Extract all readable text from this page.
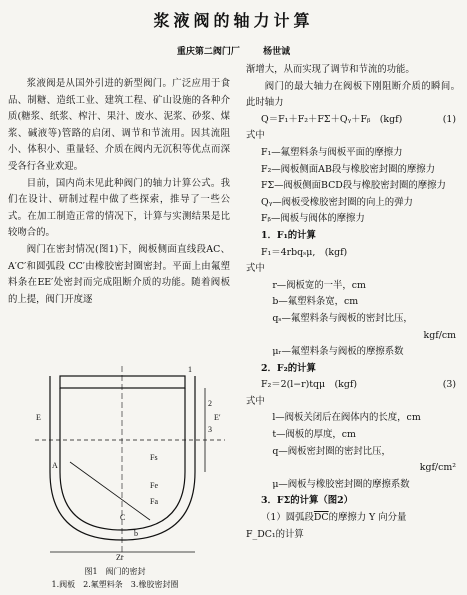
浆液阀的轴力计算
重庆第二阀门厂	杨世诚

浆液阀是从国外引进的新型阀门。广泛应用于食品、制糖、造纸工业、建筑工程、矿山设施的各种介质(糖浆、纸浆、榨汁、果汁、废水、泥浆、砂浆、煤浆、碱液等)管路的启闭、调节和节流用。因其流阻小、体积小、重量轻、介质在阀内无沉积等优点而深受各行各业欢迎。

目前，国内尚未见此种阀门的轴力计算公式。我们在设计、研制过程中做了些探索，推导了一些公式。在加工制造正常的情况下，计算与实测结果是比较吻合的。

阀门在密封情况(图1)下，阀板侧面直线段AC、A′C′和圆弧段 CC′由橡胶密封圈密封。平面上由氟塑料条在EE′处密封而完成阻断介质的功能。随着阀板的上提，阀门开度逐

E	E′
A
C
Fe
Fa
Fs
b
Zr
1
2
3
图1　阀门的密封
1.阀板　2.氟塑料条　3.橡胶密封圈
渐增大，从而实现了调节和节流的功能。

阀门的最大轴力在阀板下刚阻断介质的瞬间。此时轴力

Q＝F₁＋F₂＋FΣ＋Qᵧ＋Fᵦ　(kgf)	(1)
式中
F₁—氟塑料条与阀板平面的摩擦力
F₂—阀板侧面AB段与橡胶密封圈的摩擦力
FΣ—阀板侧面BCD段与橡胶密封圈的摩擦力
Qᵧ—阀板受橡胶密封圈的向上的弹力
Fᵦ—阀板与阀体的摩擦力
1．F₁的计算
F₁＝4rbqₛμ,　(kgf)
式中
r—阀板宽的一半，cm
b—氟塑料条宽，cm
qₛ—氟塑料条与阀板的密封比压，
kgf/cm
μᵣ—氟塑料条与阀板的摩擦系数
2．F₂的计算
F₂＝2(l−r)tqμ　(kgf)	(3)
式中
l—阀板关闭后在阀体内的长度，cm
t—阀板的厚度，cm
q—阀板密封圈的密封比压，
kgf/cm²
μ—阀板与橡胶密封圈的摩擦系数
3．FΣ的计算（图2）
（1）圆弧段$\overline{DC}$的摩擦力 Y 向分量
F_DC₁的计算
